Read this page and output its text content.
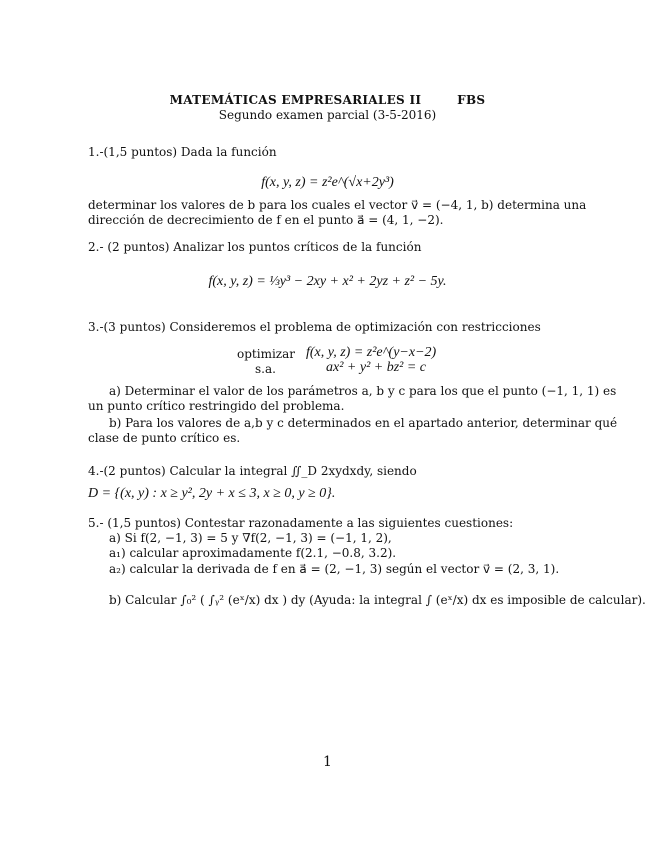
MATEMÁTICAS EMPRESARIALES II        FBS
Segundo examen parcial (3-5-2016)
1.-(1,5 puntos) Dada la función
f(x, y, z) = z²e^(√x+2y³)
determinar los valores de b para los cuales el vector v⃗ = (−4, 1, b) determina una
dirección de decrecimiento de f en el punto a⃗ = (4, 1, −2).
2.- (2 puntos) Analizar los puntos críticos de la función
f(x, y, z) = ⅓y³ − 2xy + x² + 2yz + z² − 5y.
3.-(3 puntos) Consideremos el problema de optimización con restricciones
optimizar f(x, y, z) = z²e^(y−x−2)
s.a.	ax² + y² + bz² = c
a) Determinar el valor de los parámetros a, b y c para los que el punto (−1, 1, 1) es
un punto crítico restringido del problema.
b) Para los valores de a,b y c determinados en el apartado anterior, determinar qué
clase de punto crítico es.
4.-(2 puntos) Calcular la integral ∬_D 2xydxdy, siendo
D = {(x, y) : x ≥ y², 2y + x ≤ 3, x ≥ 0, y ≥ 0}.
5.- (1,5 puntos) Contestar razonadamente a las siguientes cuestiones:
a) Si f(2, −1, 3) = 5 y ∇f(2, −1, 3) = (−1, 1, 2),
a₁) calcular aproximadamente f(2.1, −0.8, 3.2).
a₂) calcular la derivada de f en a⃗ = (2, −1, 3) según el vector v⃗ = (2, 3, 1).
b) Calcular ∫₀² ( ∫ᵧ² (eˣ/x) dx ) dy (Ayuda: la integral ∫ (eˣ/x) dx es imposible de calcular).
1
